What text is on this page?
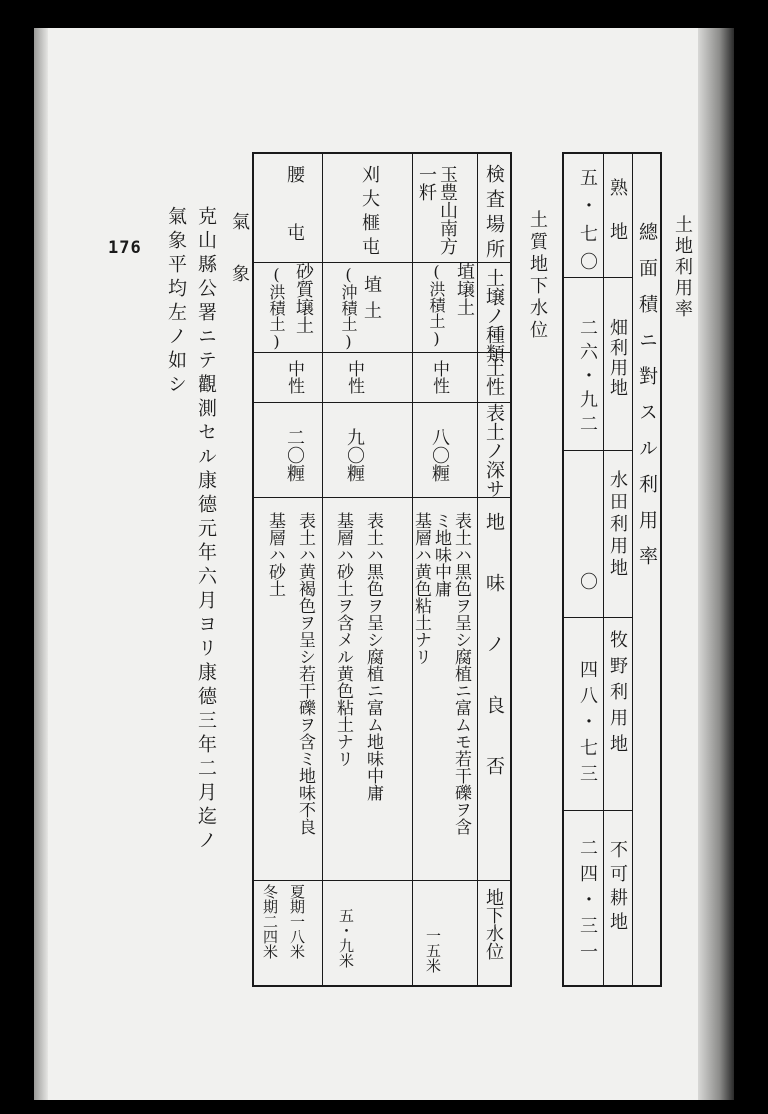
土地利用率
總面積ニ對スル利用率
熟地
畑利用地
水田利用地
牧野利用地
不可耕地
五・七〇
二六・九二
〇
四八・七三
二四・三一
土質地下水位
検査場所
土壌ノ種類
土性
表土ノ深サ
地味ノ良否
地下水位
玉豊山南方
一粁
埴壌土
(洪積土)
中性
八〇糎
表土ハ黒色ヲ呈シ腐植ニ富ムモ若干礫ヲ含
ミ地味中庸
基層ハ黄色粘土ナリ
一五米
刈大榧屯
埴土
(沖積土)
中性
九〇糎
表土ハ黒色ヲ呈シ腐植ニ富ム地味中庸
基層ハ砂土ヲ含メル黄色粘土ナリ
五・九米
腰屯
砂質壌土
(洪積土)
中性
二〇糎
表土ハ黄褐色ヲ呈シ若干礫ヲ含ミ地味不良
基層ハ砂土
夏期一八米
冬期二四米
氣象
克山縣公署ニテ觀測セル康德元年六月ヨリ康德三年二月迄ノ
氣象平均左ノ如シ
176
